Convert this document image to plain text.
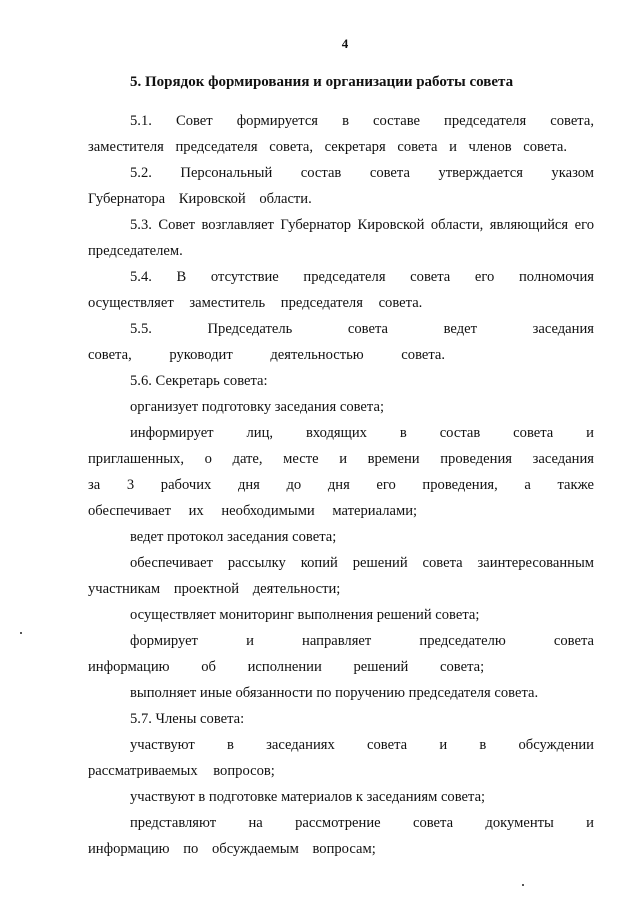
4
5. Порядок формирования и организации работы совета

5.1. Совет формируется в составе председателя совета, заместителя председателя совета, секретаря совета и членов совета.

5.2. Персональный состав совета утверждается указом Губернатора Кировской области.

5.3. Совет возглавляет Губернатор Кировской области, являющийся его председателем.

5.4. В отсутствие председателя совета его полномочия осуществляет заместитель председателя совета.

5.5. Председатель совета ведет заседания совета, руководит деятельностью совета.

5.6. Секретарь совета:

организует подготовку заседания совета;

информирует лиц, входящих в состав совета и приглашенных, о дате, месте и времени проведения заседания за 3 рабочих дня до дня его проведения, а также обеспечивает их необходимыми материалами;

ведет протокол заседания совета;

обеспечивает рассылку копий решений совета заинтересованным участникам проектной деятельности;

осуществляет мониторинг выполнения решений совета;

формирует и направляет председателю совета информацию об исполнении решений совета;

выполняет иные обязанности по поручению председателя совета.

5.7. Члены совета:

участвуют в заседаниях совета и в обсуждении рассматриваемых вопросов;

участвуют в подготовке материалов к заседаниям совета;

представляют на рассмотрение совета документы и информацию по обсуждаемым вопросам;
